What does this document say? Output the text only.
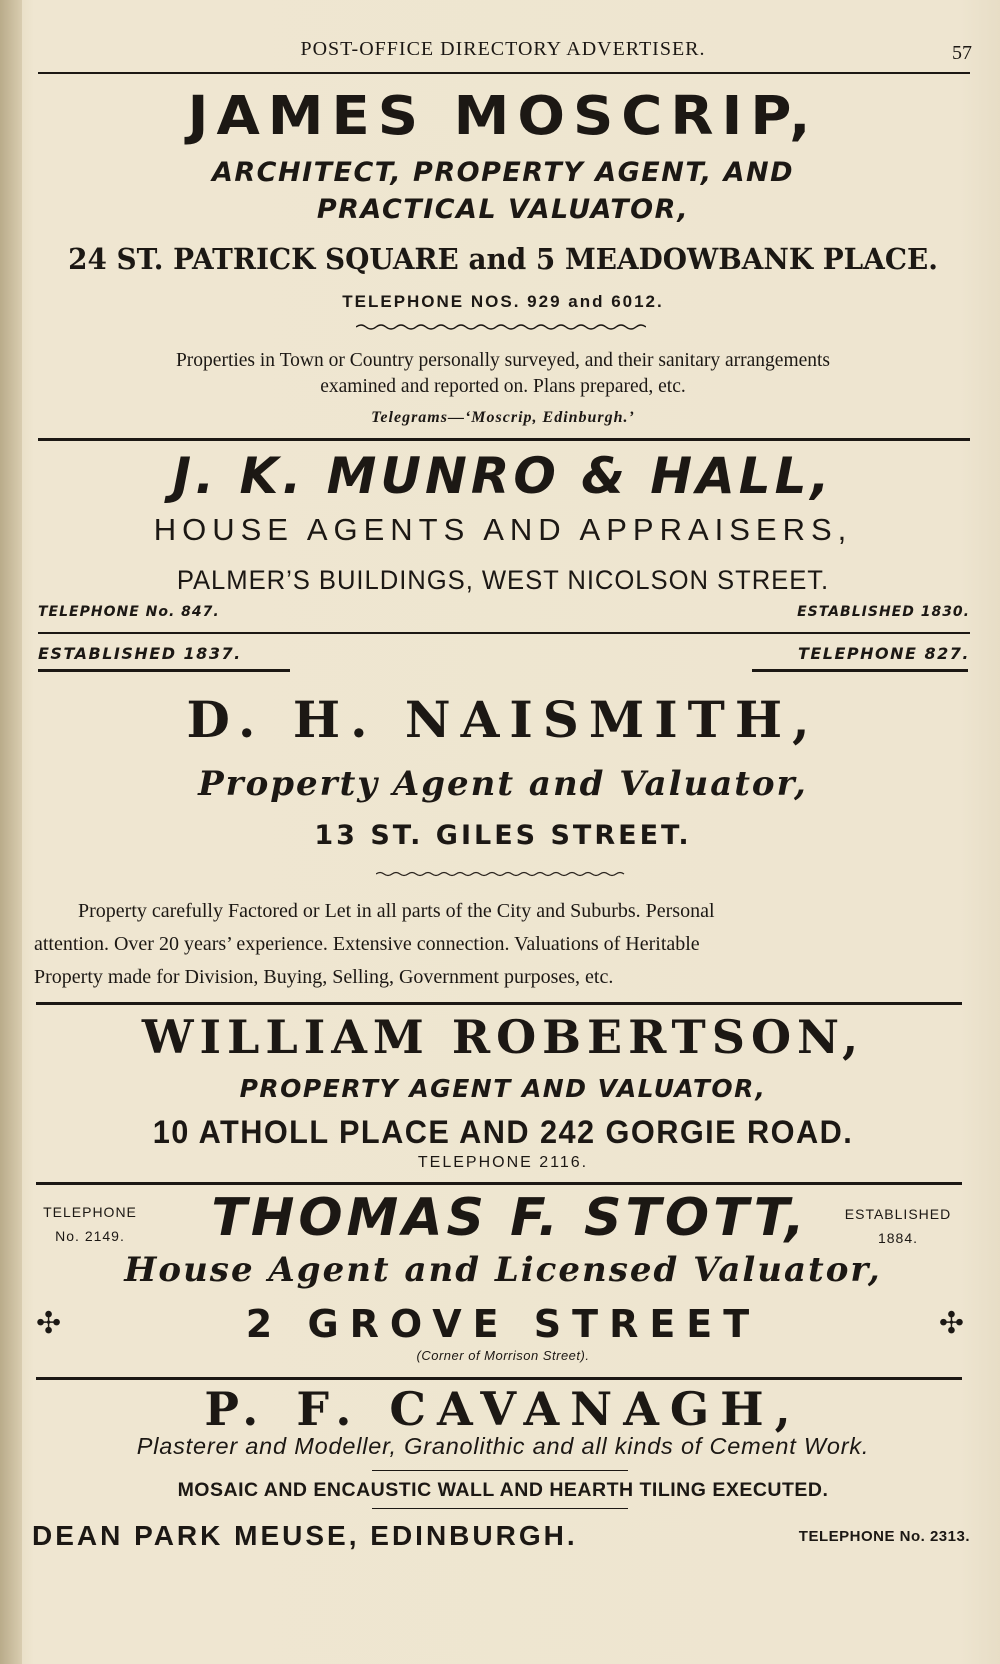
POST-OFFICE DIRECTORY ADVERTISER.	57
JAMES MOSCRIP,
ARCHITECT, PROPERTY AGENT, AND
PRACTICAL VALUATOR,
24 ST. PATRICK SQUARE and 5 MEADOWBANK PLACE.
TELEPHONE NOS. 929 and 6012.
Properties in Town or Country personally surveyed, and their sanitary arrangements
examined and reported on. Plans prepared, etc.
Telegrams—‘Moscrip, Edinburgh.’
J. K. MUNRO & HALL,
HOUSE AGENTS AND APPRAISERS,
PALMER’S BUILDINGS, WEST NICOLSON STREET.
TELEPHONE No. 847.	ESTABLISHED 1830.
ESTABLISHED 1837.	TELEPHONE 827.
D. H. NAISMITH,
Property Agent and Valuator,
13 ST. GILES STREET.
Property carefully Factored or Let in all parts of the City and Suburbs. Personal
attention. Over 20 years’ experience. Extensive connection. Valuations of Heritable
Property made for Division, Buying, Selling, Government purposes, etc.
WILLIAM ROBERTSON,
PROPERTY AGENT AND VALUATOR,
10 ATHOLL PLACE AND 242 GORGIE ROAD.
TELEPHONE 2116.
TELEPHONE
No. 2149.	THOMAS F. STOTT,	ESTABLISHED
1884.
House Agent and Licensed Valuator,
✣	2 GROVE STREET	✣
(Corner of Morrison Street).
P. F. CAVANAGH,
Plasterer and Modeller, Granolithic and all kinds of Cement Work.
MOSAIC AND ENCAUSTIC WALL AND HEARTH TILING EXECUTED.
DEAN PARK MEUSE, EDINBURGH.	TELEPHONE No. 2313.
